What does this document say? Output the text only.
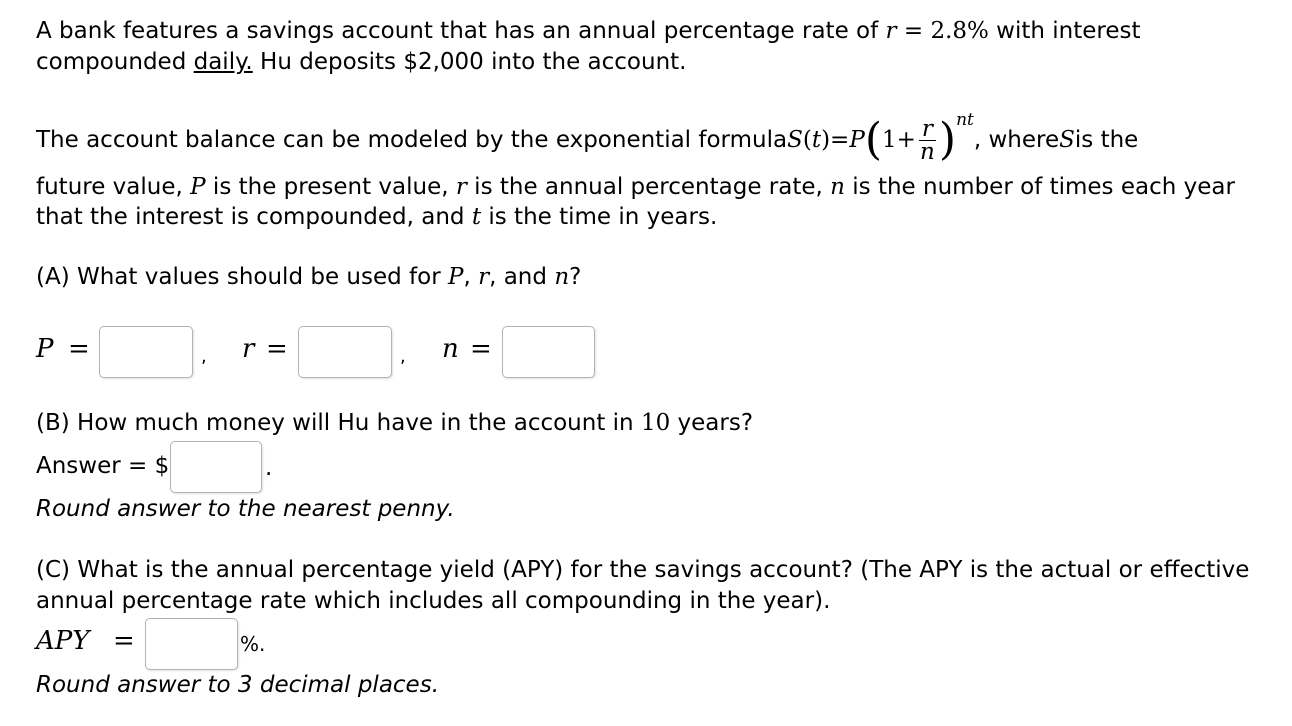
A bank features a savings account that has an annual percentage rate of r = 2.8% with interest
compounded daily. Hu deposits $2,000 into the account.
The account balance can be modeled by the exponential formula S ( t ) = P ( $1 + \frac{r}{n} )^{nt}$
, where S is the
future value, P is the present value, r is the annual percentage rate, n is the number of times each year
that the interest is compounded, and t is the time in years.
(A) What values should be used for P, r, and n?
P =	, r =	, n =
(B) How much money will Hu have in the account in 10 years?
Answer = $	.
Round answer to the nearest penny.
(C) What is the annual percentage yield (APY) for the savings account? (The APY is the actual or effective
annual percentage rate which includes all compounding in the year).
APY =	%.
Round answer to 3 decimal places.
